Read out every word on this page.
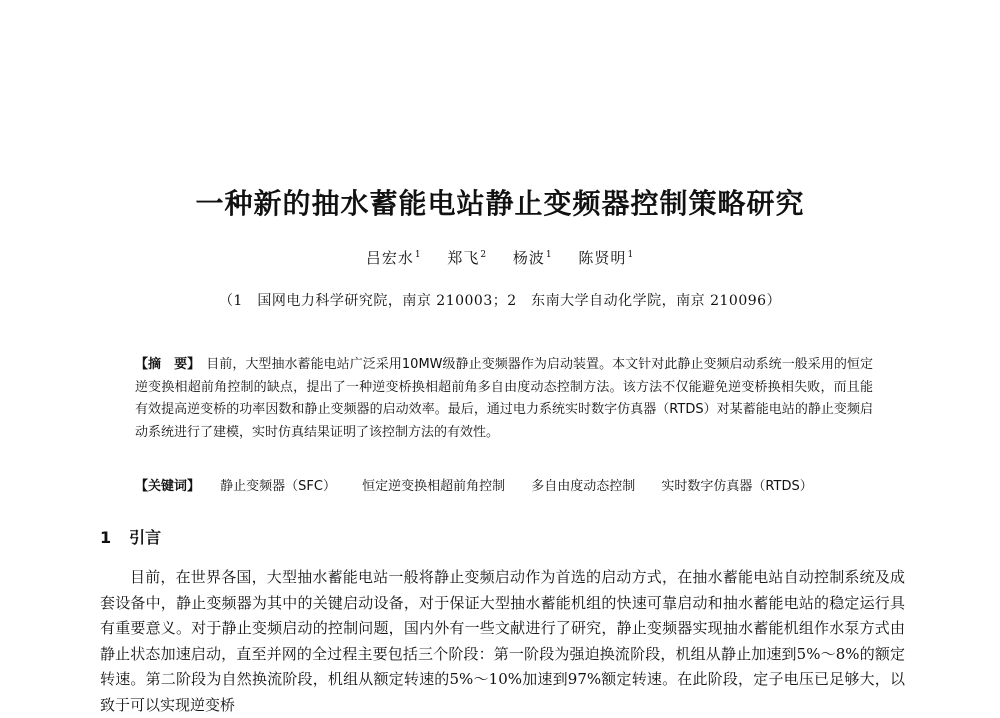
一种新的抽水蓄能电站静止变频器控制策略研究
吕宏水$^1$ 郑飞$^2$ 杨波$^1$ 陈贤明$^1$
（1　国网电力科学研究院，南京 210003；2　东南大学自动化学院，南京 210096）
【摘　要】 目前，大型抽水蓄能电站广泛采用10MW级静止变频器作为启动装置。本文针对此静止变频启动系统一般采用的恒定逆变换相超前角控制的缺点，提出了一种逆变桥换相超前角多自由度动态控制方法。该方法不仅能避免逆变桥换相失败，而且能有效提高逆变桥的功率因数和静止变频器的启动效率。最后，通过电力系统实时数字仿真器（RTDS）对某蓄能电站的静止变频启动系统进行了建模，实时仿真结果证明了该控制方法的有效性。
【关键词】 静止变频器（SFC） 恒定逆变换相超前角控制 多自由度动态控制 实时数字仿真器（RTDS）
1 引言
目前，在世界各国，大型抽水蓄能电站一般将静止变频启动作为首选的启动方式，在抽水蓄能电站自动控制系统及成套设备中，静止变频器为其中的关键启动设备，对于保证大型抽水蓄能机组的快速可靠启动和抽水蓄能电站的稳定运行具有重要意义。对于静止变频启动的控制问题，国内外有一些文献进行了研究，静止变频器实现抽水蓄能机组作水泵方式由静止状态加速启动，直至并网的全过程主要包括三个阶段：第一阶段为强迫换流阶段，机组从静止加速到5%～8%的额定转速。第二阶段为自然换流阶段，机组从额定转速的5%～10%加速到97%额定转速。在此阶段，定子电压已足够大，以致于可以实现逆变桥
